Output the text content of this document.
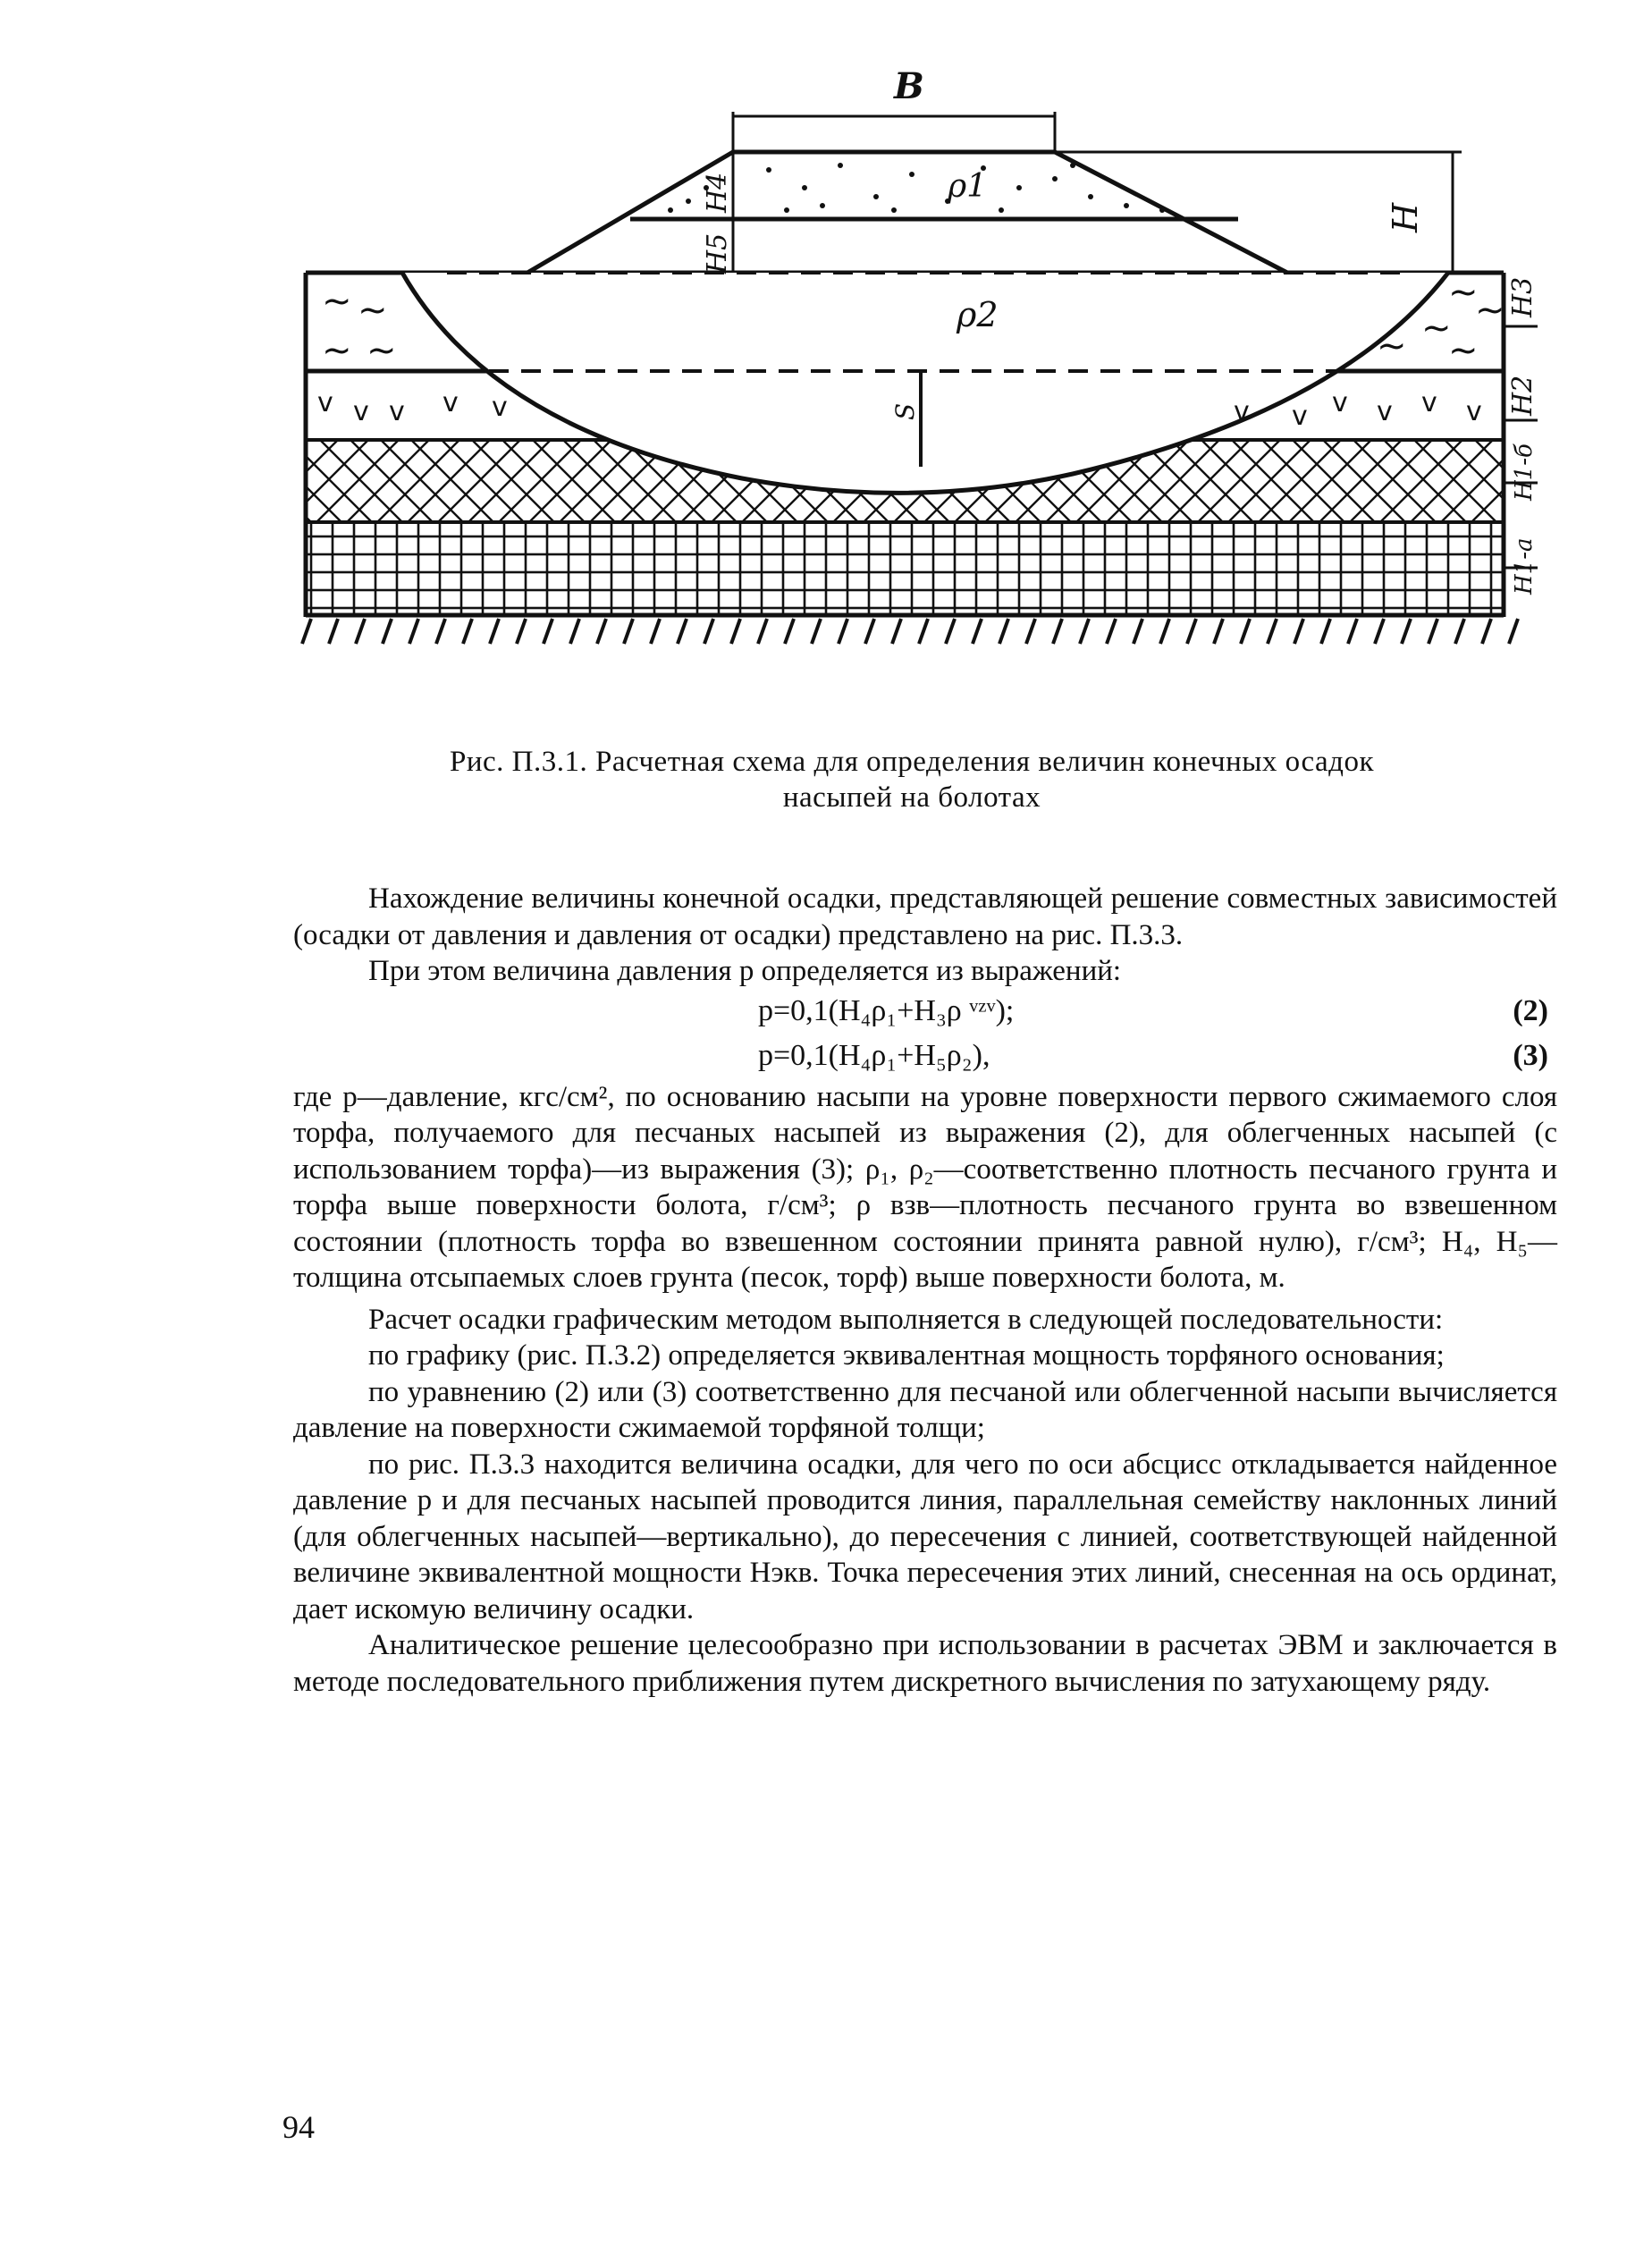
~ ~
~ ~
~
~
~
~ ~
v v v v v	v v v v
v v
B
ρ1
ρ2
H
H4
H5
H3
H2
H1-б
H1-а
S
Рис. П.3.1. Расчетная схема для определения величин конечных осадок
насыпей на болотах

Нахождение величины конечной осадки, представляющей решение совместных зависимостей (осадки от давления и давления от осадки) представлено на рис. П.3.3.

При этом величина давления p определяется из выражений:

p=0,1(H₄ρ₁+H₃ρ ᵛᶻᵛ);	(2)
p=0,1(H₄ρ₁+H₅ρ₂),	(3)

где p—давление, кгс/см², по основанию насыпи на уровне поверхности первого сжимаемого слоя торфа, получаемого для песчаных насыпей из выражения (2), для облегченных насыпей (с использованием торфа)—из выражения (3); ρ₁, ρ₂—соответственно плотность песчаного грунта и торфа выше поверхности болота, г/см³; ρ взв—плотность песчаного грунта во взвешенном состоянии (плотность торфа во взвешенном состоянии принята равной нулю), г/см³; H₄, H₅—толщина отсыпаемых слоев грунта (песок, торф) выше поверхности болота, м.

Расчет осадки графическим методом выполняется в следующей последовательности:

по графику (рис. П.3.2) определяется эквивалентная мощность торфяного основания;

по уравнению (2) или (3) соответственно для песчаной или облегченной насыпи вычисляется давление на поверхности сжимаемой торфяной толщи;

по рис. П.3.3 находится величина осадки, для чего по оси абсцисс откладывается найденное давление p и для песчаных насыпей проводится линия, параллельная семейству наклонных линий (для облегченных насыпей—вертикально), до пересечения с линией, соответствующей найденной величине эквивалентной мощности Hэкв. Точка пересечения этих линий, снесенная на ось ординат, дает искомую величину осадки.

Аналитическое решение целесообразно при использовании в расчетах ЭВМ и заключается в методе последовательного приближения путем дискретного вычисления по затухающему ряду.

94
